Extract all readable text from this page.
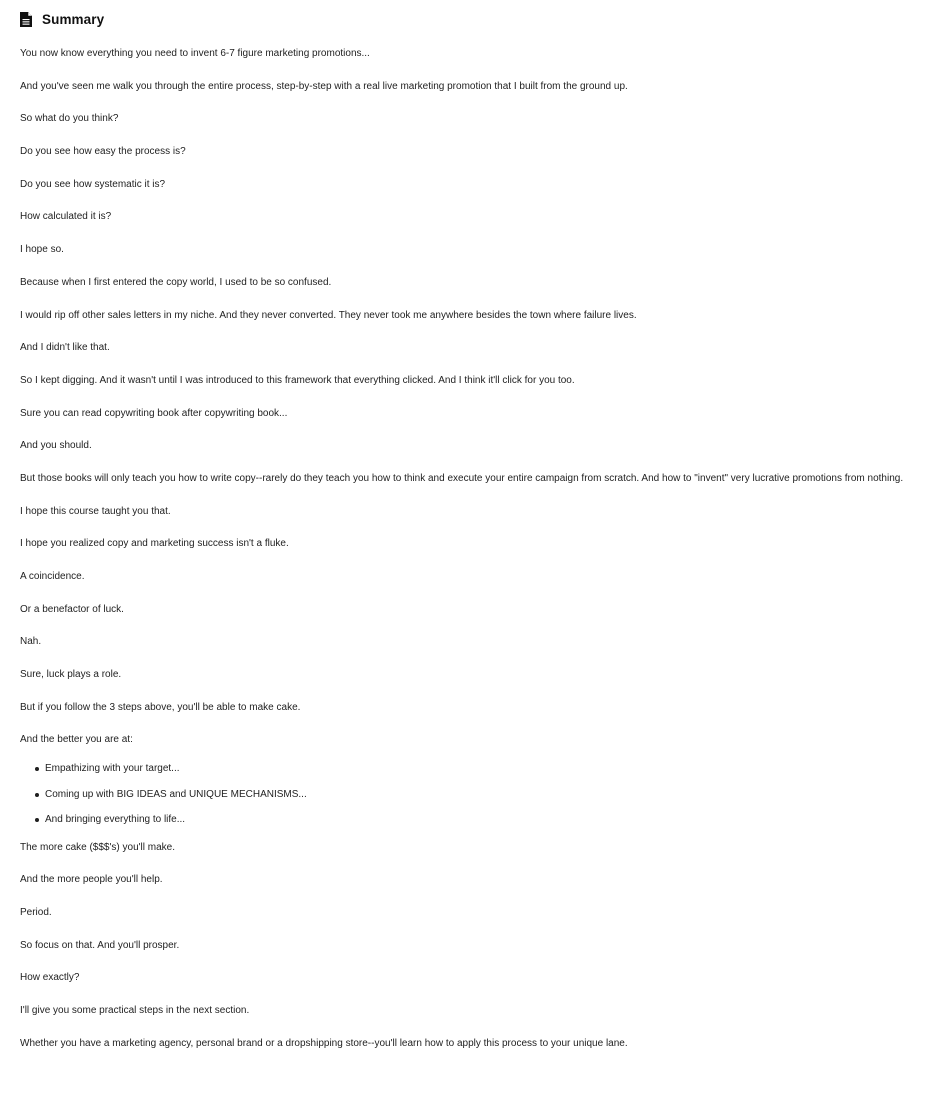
Summary

You now know everything you need to invent 6-7 figure marketing promotions...

And you've seen me walk you through the entire process, step-by-step with a real live marketing promotion that I built from the ground up.

So what do you think?

Do you see how easy the process is?

Do you see how systematic it is?

How calculated it is?

I hope so.

Because when I first entered the copy world, I used to be so confused.

I would rip off other sales letters in my niche. And they never converted. They never took me anywhere besides the town where failure lives.

And I didn't like that.

So I kept digging. And it wasn't until I was introduced to this framework that everything clicked. And I think it'll click for you too.

Sure you can read copywriting book after copywriting book...

And you should.

But those books will only teach you how to write copy--rarely do they teach you how to think and execute your entire campaign from scratch. And how to "invent" very lucrative promotions from nothing.

I hope this course taught you that.

I hope you realized copy and marketing success isn't a fluke.

A coincidence.

Or a benefactor of luck.

Nah.

Sure, luck plays a role.

But if you follow the 3 steps above, you'll be able to make cake.

And the better you are at:

Empathizing with your target...
Coming up with BIG IDEAS and UNIQUE MECHANISMS...
And bringing everything to life...

The more cake ($$$'s) you'll make.

And the more people you'll help.

Period.

So focus on that. And you'll prosper.

How exactly?

I'll give you some practical steps in the next section.

Whether you have a marketing agency, personal brand or a dropshipping store--you'll learn how to apply this process to your unique lane.
